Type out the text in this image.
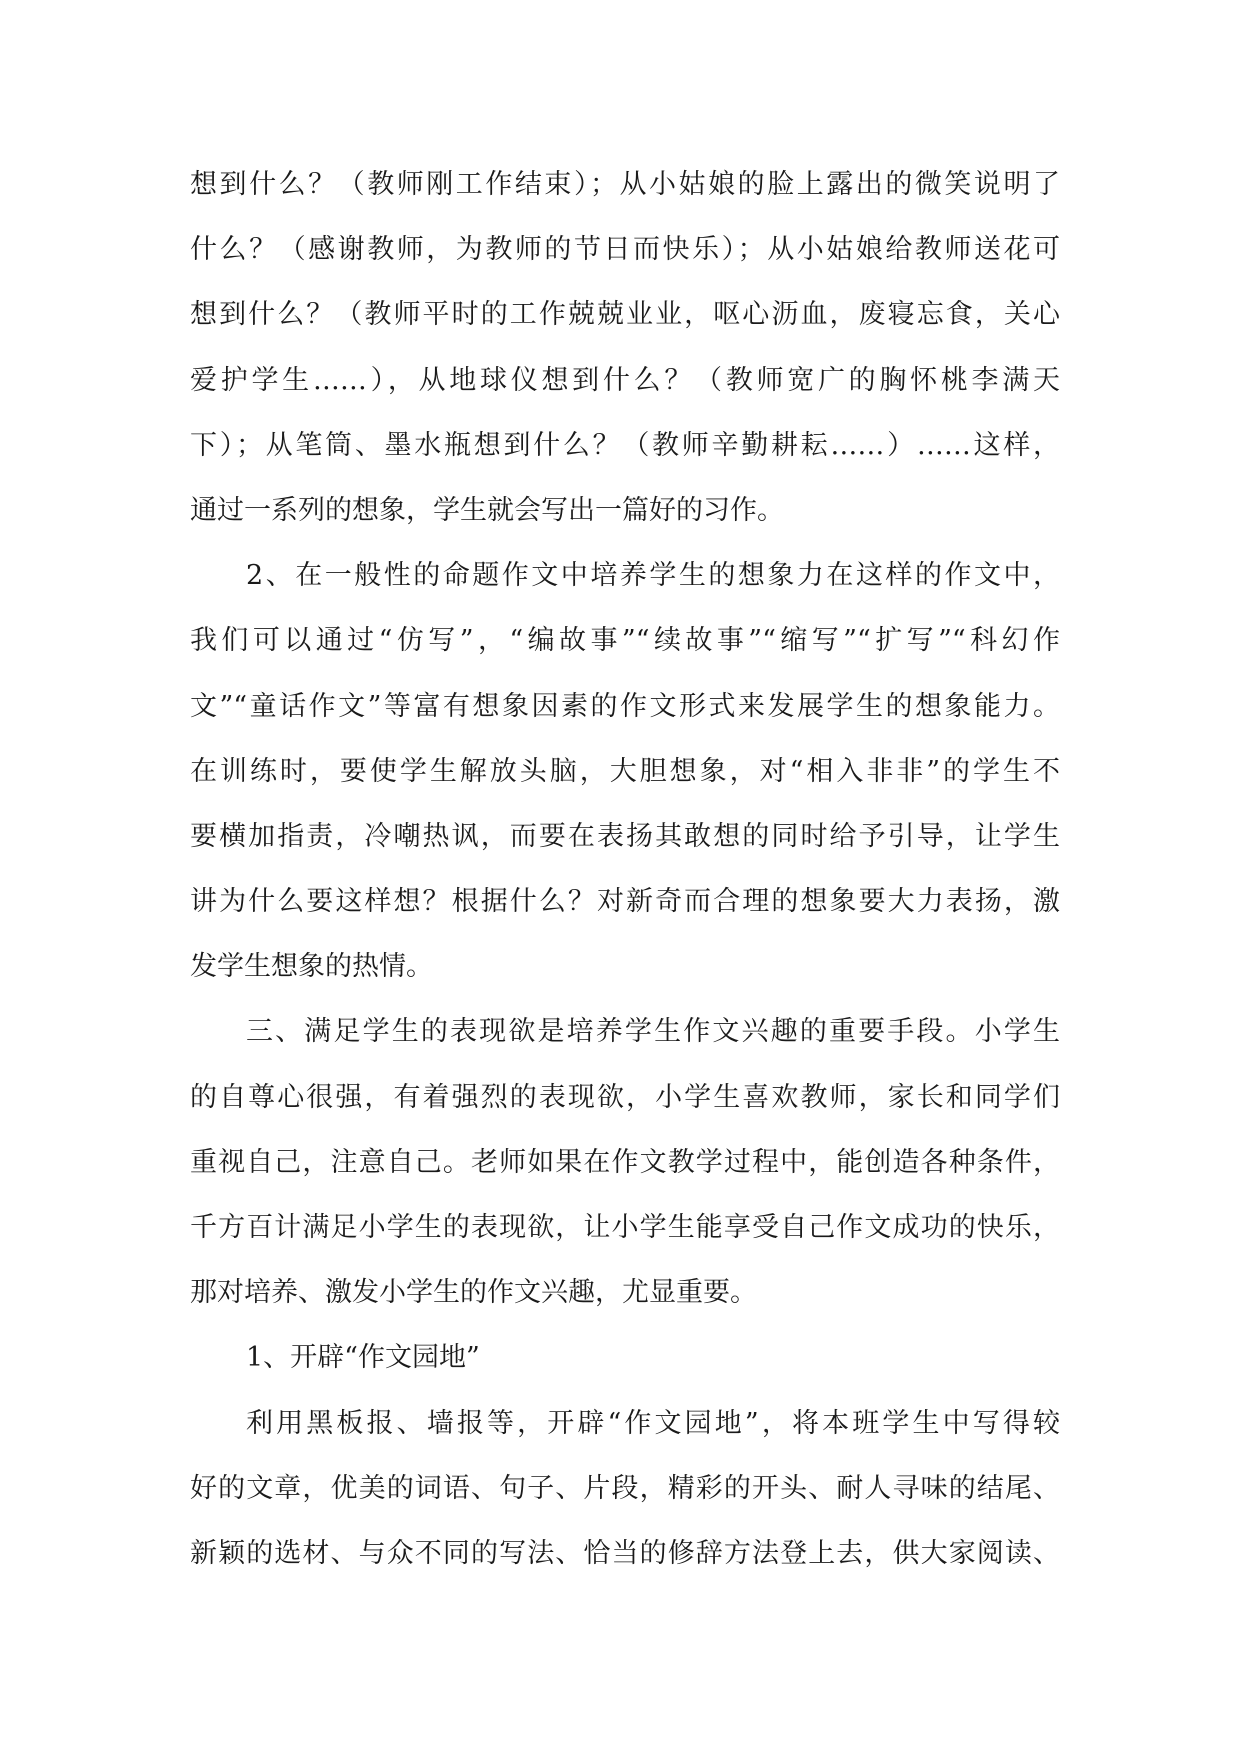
想到什么？（教师刚工作结束）；从小姑娘的脸上露出的微笑说明了
什么？（感谢教师，为教师的节日而快乐）；从小姑娘给教师送花可
想到什么？（教师平时的工作兢兢业业，呕心沥血，废寝忘食，关心
爱护学生……），从地球仪想到什么？（教师宽广的胸怀桃李满天
下）；从笔筒、墨水瓶想到什么？（教师辛勤耕耘……）……这样，
通过一系列的想象，学生就会写出一篇好的习作。
2、在一般性的命题作文中培养学生的想象力在这样的作文中，
我们可以通过“仿写”，“编故事”“续故事”“缩写”“扩写”“科幻作
文”“童话作文”等富有想象因素的作文形式来发展学生的想象能力。
在训练时，要使学生解放头脑，大胆想象，对“相入非非”的学生不
要横加指责，冷嘲热讽，而要在表扬其敢想的同时给予引导，让学生
讲为什么要这样想？根据什么？对新奇而合理的想象要大力表扬，激
发学生想象的热情。
三、满足学生的表现欲是培养学生作文兴趣的重要手段。小学生
的自尊心很强，有着强烈的表现欲，小学生喜欢教师，家长和同学们
重视自己，注意自己。老师如果在作文教学过程中，能创造各种条件，
千方百计满足小学生的表现欲，让小学生能享受自己作文成功的快乐，
那对培养、激发小学生的作文兴趣，尤显重要。
1、开辟“作文园地”
利用黑板报、墙报等，开辟“作文园地”，将本班学生中写得较
好的文章，优美的词语、句子、片段，精彩的开头、耐人寻味的结尾、
新颖的选材、与众不同的写法、恰当的修辞方法登上去，供大家阅读、
